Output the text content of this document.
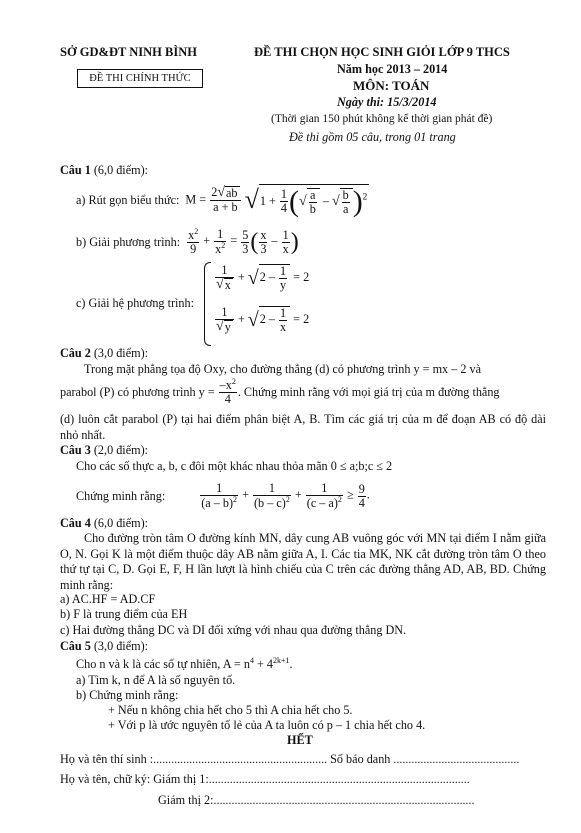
SỞ GD&ĐT NINH BÌNH
ĐỀ THI CHÍNH THỨC
ĐỀ THI CHỌN HỌC SINH GIỎI LỚP 9 THCS
Năm học 2013 – 2014
MÔN: TOÁN
Ngày thi: 15/3/2014
(Thời gian 150 phút không kể thời gian phát đề)
Đề thi gồm 05 câu, trong 01 trang
Câu 1 (6,0 điểm):
a) Rút gọn biểu thức: $M = \frac{2√ab}{a + b} √1 + \frac{1}{4}$ (√ $\frac{a}{b}$ – √ $\frac{b}{a} )^2$
b) Giải phương trình: $\frac{x^2}{9} + \frac{1}{x^2} = \frac{5}{3}$ ( $\frac{x}{3} - \frac{1}{x}$ )
c) Giải hệ phương trình:
$\frac{1}{√x} + √2 - \frac{1}{y} = 2$
$\frac{1}{√y} + √2 - \frac{1}{x} = 2$
Câu 2 (3,0 điểm):
Trong mặt phẳng tọa độ Oxy, cho đường thẳng (d) có phương trình y = mx – 2 và
parabol (P) có phương trình $y = \frac{-x^2}{4}$ . Chứng minh rằng với mọi giá trị của m đường thẳng
(d) luôn cắt parabol (P) tại hai điểm phân biệt A, B. Tìm các giá trị của m để đoạn AB có độ dài nhỏ nhất.
Câu 3 (2,0 điểm):
Cho các số thực a, b, c đôi một khác nhau thỏa mãn 0 ≤ a;b;c ≤ 2
Chứng minh rằng:	$\frac{1}{(a - b)^2} + \frac{1}{(b - c)^2} + \frac{1}{(c - a)^2} \ge \frac{9}{4}$ .
Câu 4 (6,0 điểm):
Cho đường tròn tâm O đường kính MN, dây cung AB vuông góc với MN tại điểm I nằm giữa O, N. Gọi K là một điểm thuộc dây AB nằm giữa A, I. Các tia MK, NK cắt đường tròn tâm O theo thứ tự tại C, D. Gọi E, F, H lần lượt là hình chiếu của C trên các đường thẳng AD, AB, BD. Chứng minh rằng:
a) AC.HF = AD.CF
b) F là trung điểm của EH
c) Hai đường thẳng DC và DI đối xứng với nhau qua đường thẳng DN.
Câu 5 (3,0 điểm):
Cho n và k là các số tự nhiên, $A = n^4 + 4^{2k+1}$.
a) Tìm k, n để A là số nguyên tố.
b) Chứng minh rằng:
+ Nếu n không chia hết cho 5 thì A chia hết cho 5.
+ Với p là ước nguyên tố lẻ của A ta luôn có p – 1 chia hết cho 4.
HẾT
Họ và tên thí sinh :.......................................................... Số báo danh ..........................................
Họ và tên, chữ ký: Giám thị 1:.......................................................................................
Giám thị 2:.......................................................................................
